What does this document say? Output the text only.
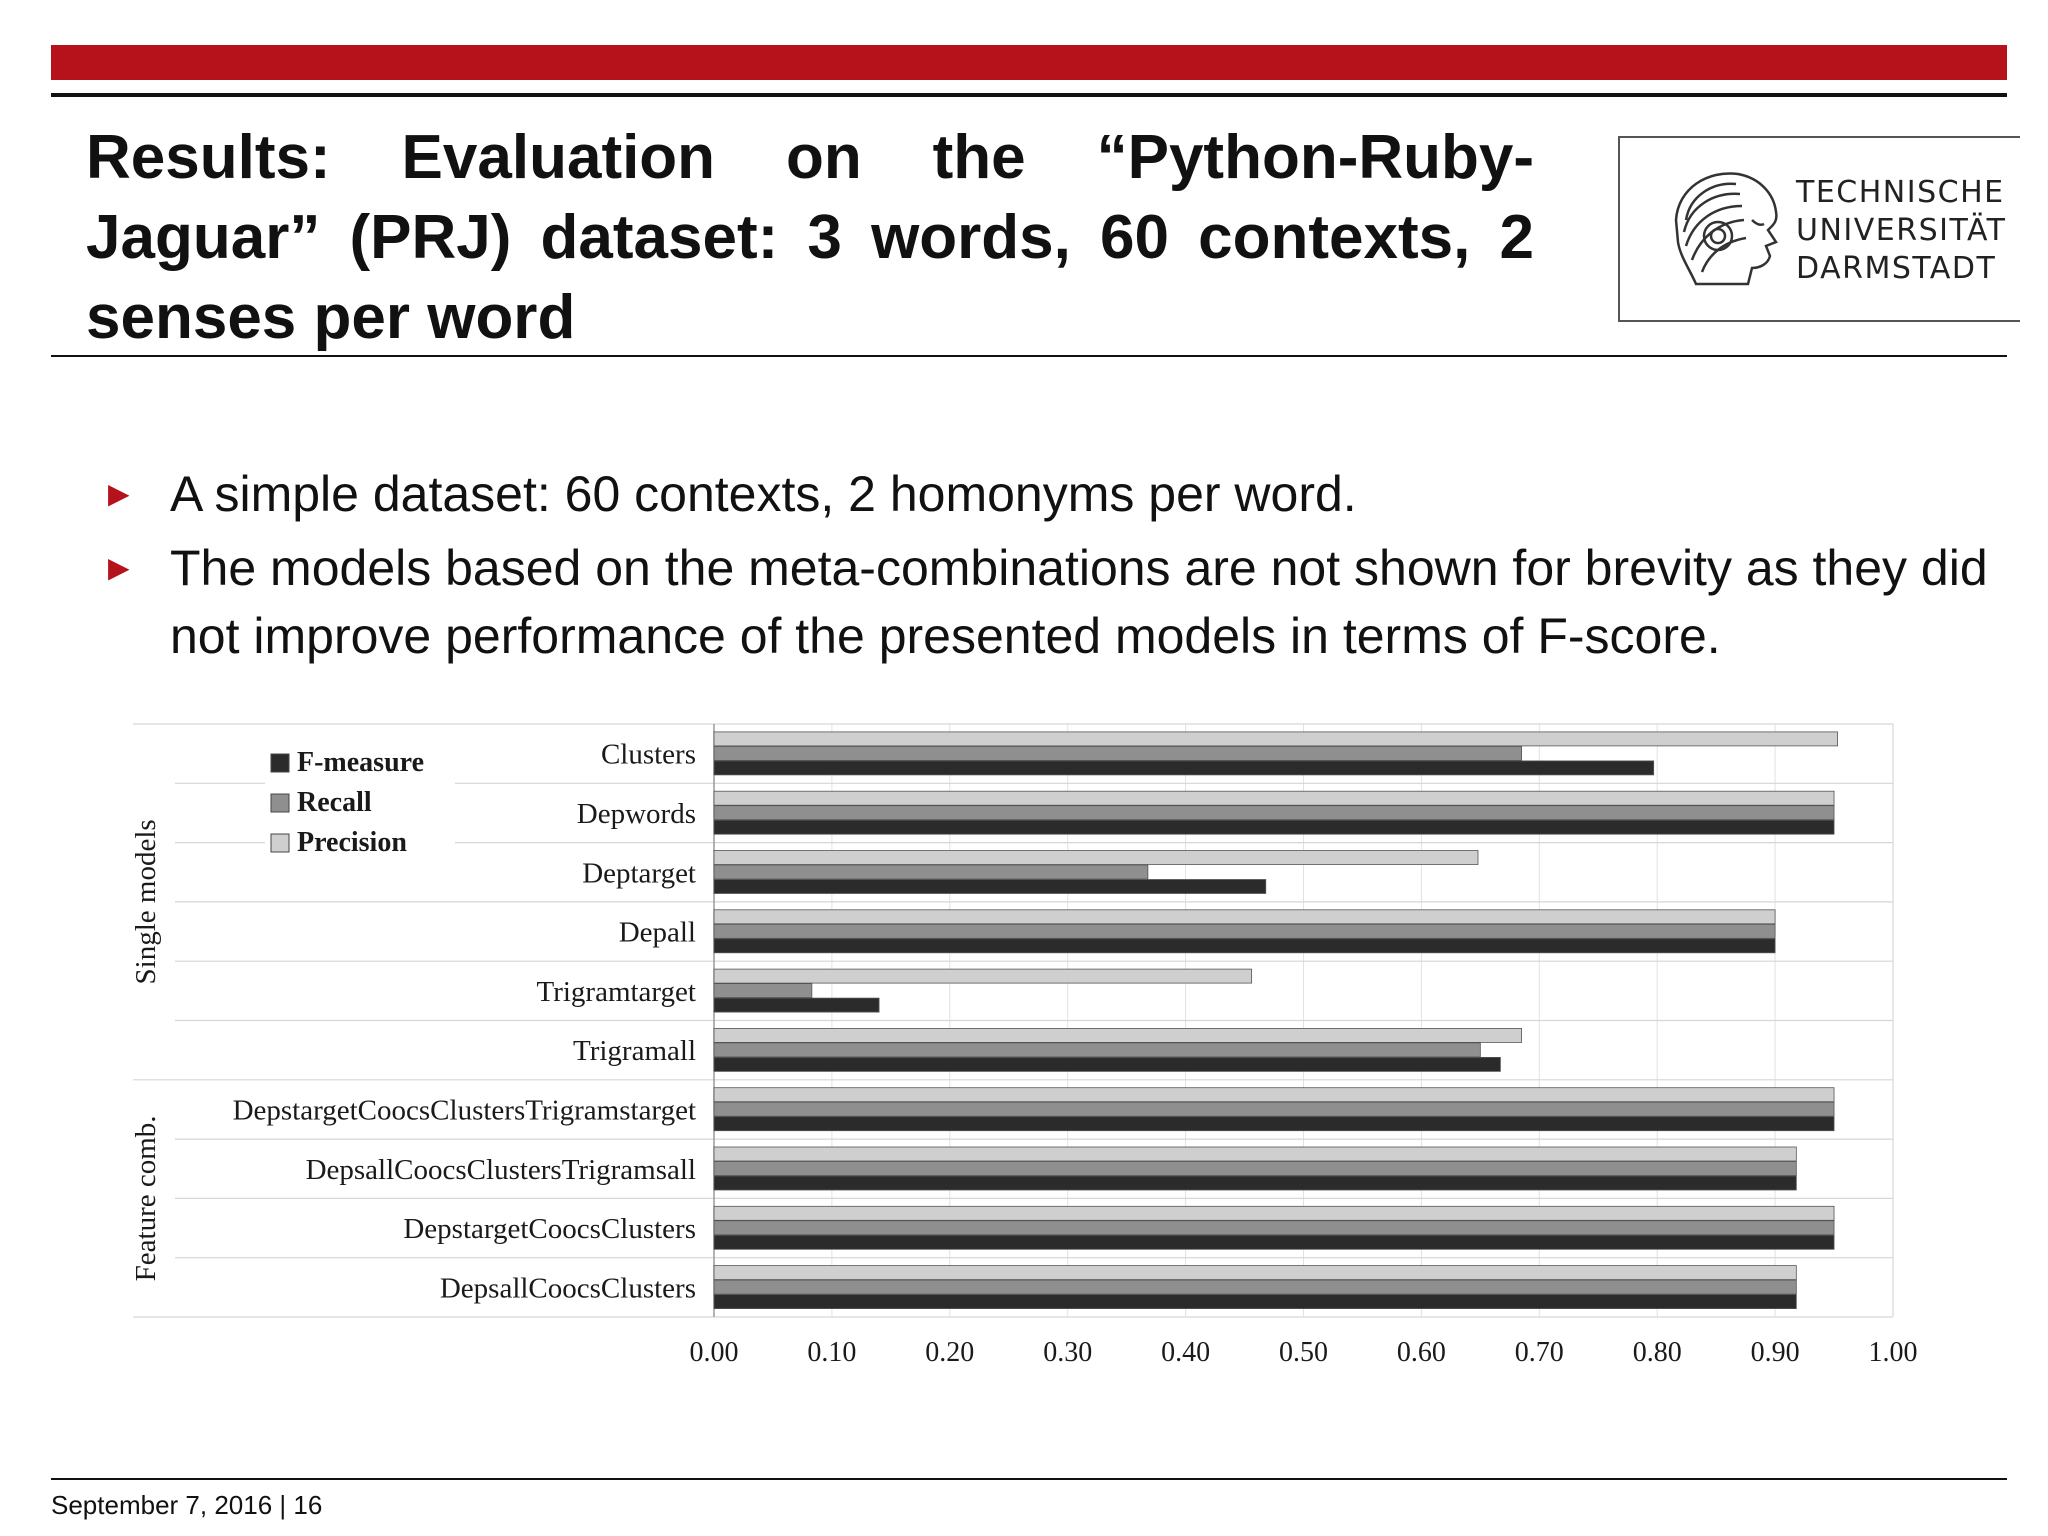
Results: Evaluation on the “Python-Ruby-Jaguar” (PRJ) dataset: 3 words, 60 contexts, 2 senses per word
TECHNISCHE
UNIVERSITÄT
DARMSTADT
▶ A simple dataset: 60 contexts, 2 homonyms per word.
▶ The models based on the meta-combinations are not shown for brevity as they did not improve performance of the presented models in terms of F-score.
Clusters
Depwords
Deptarget
Depall
Trigramtarget
Trigramall
DepstargetCoocsClustersTrigramstarget
DepsallCoocsClustersTrigramsall
DepstargetCoocsClusters
DepsallCoocsClusters
0.00 0.10 0.20 0.30 0.40 0.50 0.60 0.70 0.80 0.90 1.00
Single models
Feature comb.
F-measure
Recall
Precision
September 7, 2016 | 16
